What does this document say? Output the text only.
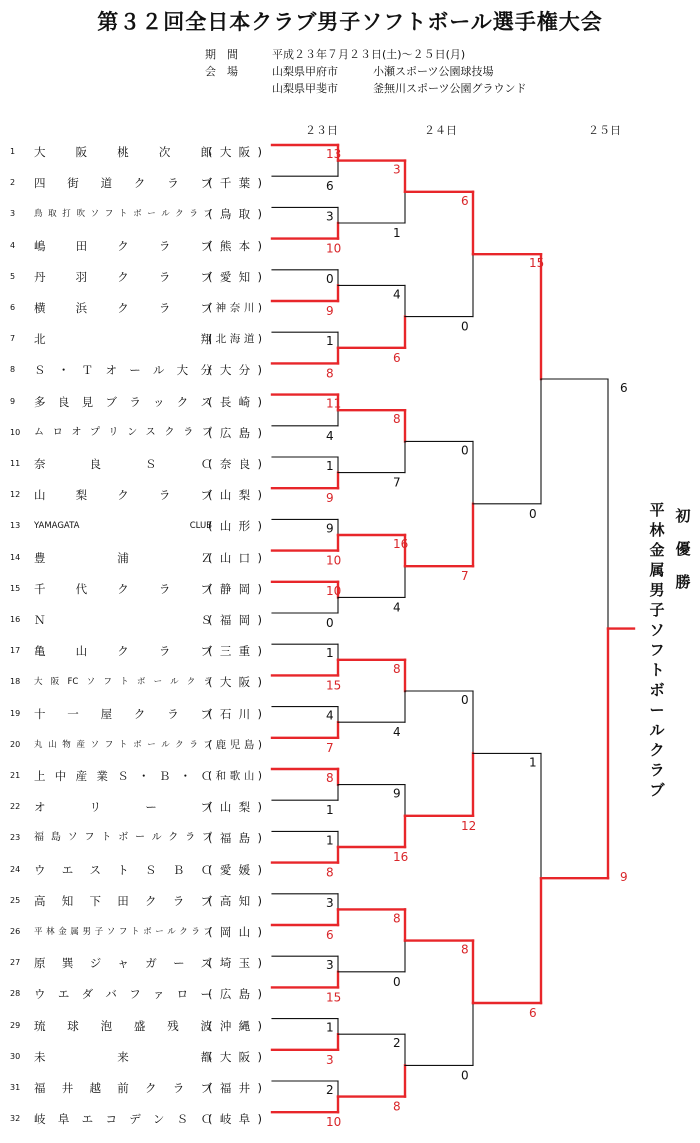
第３２回全日本クラブ男子ソフトボール選手権大会
期　間	平成２３年７月２３日(土)～２５日(月)
会　場	山梨県甲府市	小瀬スポーツ公園球技場
山梨県甲斐市	釜無川スポーツ公園グラウンド
２３日	２４日	２５日
1 大阪桃次郎
(大阪)
2 四街道クラブ
(千葉)
3 鳥取打吹ソフトボールクラブ
(鳥取)
4 嶋田クラブ
(熊本)
5 丹羽クラブ
(愛知)
6 横浜クラブ
(神奈川)
7 北　翔
(北海道)
8 Ｓ・Ｔオール大分
(大分)
9 多良見ブラックス
(長崎)
10 ムロオプリンスクラブ
(広島)
11 奈良ＳＣ
(奈良)
12 山梨クラブ
(山梨)
13 YAMAGATA CLUB
(山形)
14 豊浦Ｚ
(山口)
15 千代クラブ
(静岡)
16 ＮＳ
(福岡)
17 亀山クラブ
(三重)
18 大阪FCソフトボールクラ
(大阪)
19 十一屋クラブ
(石川)
20 丸山物産ソフトボールクラブ
(鹿児島)
21 上中産業Ｓ・Ｂ・Ｃ
(和歌山)
22 オリーブ
(山梨)
23 福島ソフトボールクラブ
(福島)
24 ウエストＳＢＣ
(愛媛)
25 高知下田クラブ
(高知)
26 平林金属男子ソフトボールクラブ
(岡山)
27 原巽ジャガーズ
(埼玉)
28 ウエダバファロー
(広島)
29 琉球泡盛残波
(沖縄)
30 未来都
(大阪)
31 福井越前クラブ
(福井)
32 岐阜エコデンＳＣ
(岐阜)
13
6
3
10
0
9
1
8
11
4
1
9
9
10
10
0
1
15
4
7
8
1
1
8
3
6
3
15
1
3
2
10
3
1
4
6
8
7
16
4
8
4
9
16
8
0
2
8
6
0
0
7
0
12
8
0
15
0
1
6
6
9
初優勝
平林金属男子ソフトボールクラブ
